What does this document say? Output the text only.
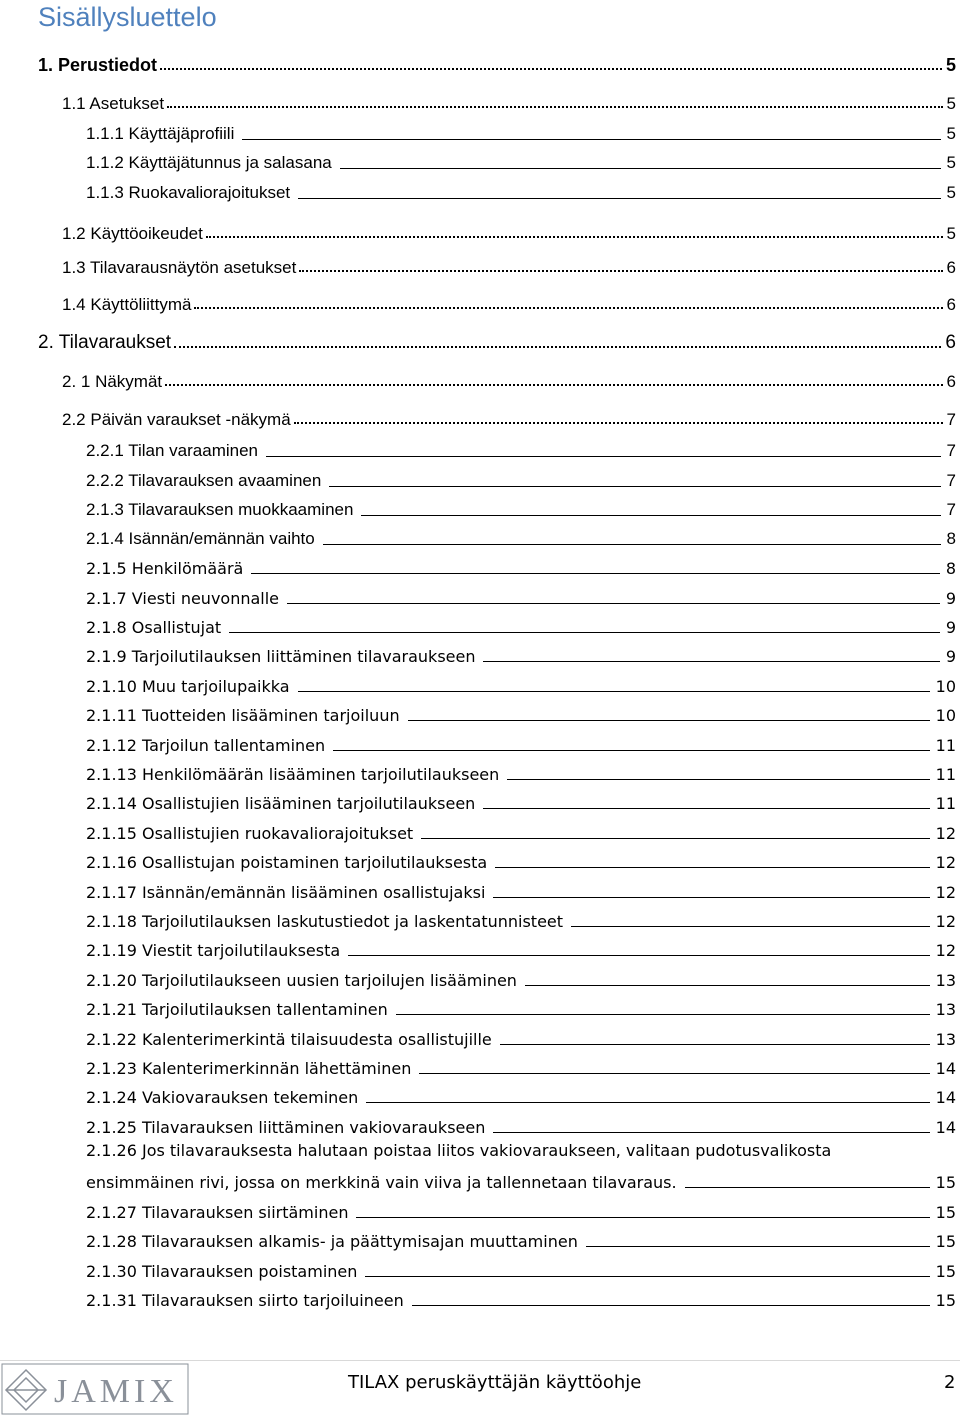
Sisällysluettelo
1. Perustiedot	5
1.1 Asetukset	5
1.1.1 Käyttäjäprofiili	5
1.1.2 Käyttäjätunnus ja salasana	5
1.1.3 Ruokavaliorajoitukset	5
1.2 Käyttöoikeudet	5
1.3 Tilavarausnäytön asetukset	6
1.4 Käyttöliittymä	6
2. Tilavaraukset	6
2. 1 Näkymät	6
2.2 Päivän varaukset -näkymä	7
2.2.1 Tilan varaaminen	7
2.2.2 Tilavarauksen avaaminen	7
2.1.3 Tilavarauksen muokkaaminen	7
2.1.4 Isännän/emännän vaihto	8
2.1.5 Henkilömäärä	8
2.1.7 Viesti neuvonnalle	9
2.1.8 Osallistujat	9
2.1.9 Tarjoilutilauksen liittäminen tilavaraukseen	9
2.1.10 Muu tarjoilupaikka	10
2.1.11 Tuotteiden lisääminen tarjoiluun	10
2.1.12 Tarjoilun tallentaminen	11
2.1.13 Henkilömäärän lisääminen tarjoilutilaukseen	11
2.1.14 Osallistujien lisääminen tarjoilutilaukseen	11
2.1.15 Osallistujien ruokavaliorajoitukset	12
2.1.16 Osallistujan poistaminen tarjoilutilauksesta	12
2.1.17 Isännän/emännän lisääminen osallistujaksi	12
2.1.18 Tarjoilutilauksen laskutustiedot ja laskentatunnisteet	12
2.1.19 Viestit tarjoilutilauksesta	12
2.1.20 Tarjoilutilaukseen uusien tarjoilujen lisääminen	13
2.1.21 Tarjoilutilauksen tallentaminen	13
2.1.22 Kalenterimerkintä tilaisuudesta osallistujille	13
2.1.23 Kalenterimerkinnän lähettäminen	14
2.1.24 Vakiovarauksen tekeminen	14
2.1.25 Tilavarauksen liittäminen vakiovaraukseen	14
2.1.26 Jos tilavarauksesta halutaan poistaa liitos vakiovaraukseen, valitaan pudotusvalikosta
ensimmäinen rivi, jossa on merkkinä vain viiva ja tallennetaan tilavaraus.	15
2.1.27 Tilavarauksen siirtäminen	15
2.1.28 Tilavarauksen alkamis- ja päättymisajan muuttaminen	15
2.1.30 Tilavarauksen poistaminen	15
2.1.31 Tilavarauksen siirto tarjoiluineen	15
JAMIX	TILAX peruskäyttäjän käyttöohje	2
